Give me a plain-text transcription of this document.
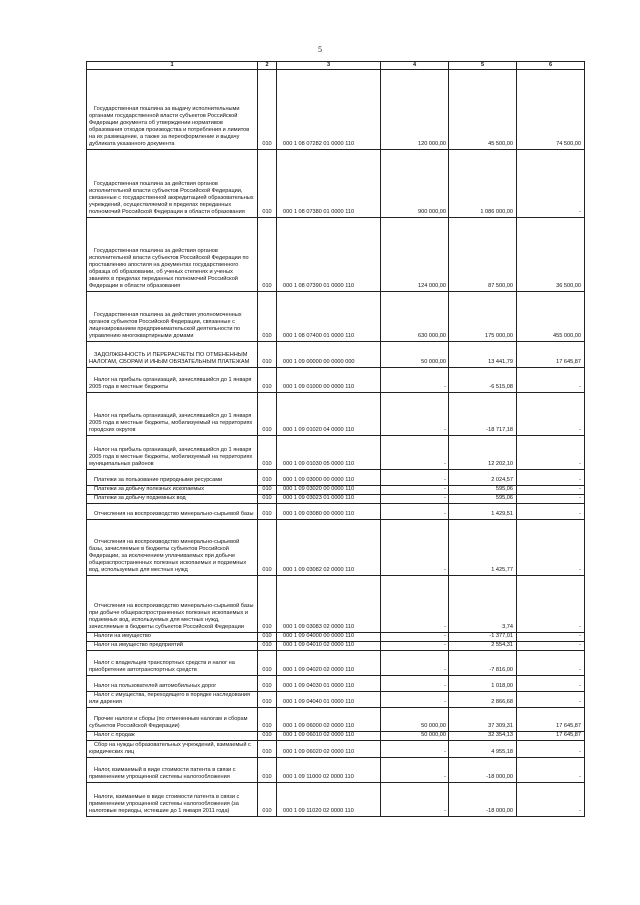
5
1	2	3	4	5	6
Государственная пошлина за выдачу исполнительными органами государственной власти субъектов Российской Федерации документа об утверждении нормативов образования отходов производства и потребления и лимитов на их размещение, а также за переоформление и выдачу дубликата указанного документа	010	000 1 08 07282 01 0000 110	120 000,00	45 500,00	74 500,00
Государственная пошлина за действия органов исполнительной власти субъектов Российской Федерации, связанные с государственной аккредитацией образовательных учреждений, осуществляемой в пределах переданных полномочий Российской Федерации в области образования	010	000 1 08 07380 01 0000 110	900 000,00	1 086 000,00	-
Государственная пошлина за действия органов исполнительной власти субъектов Российской Федерации по проставлению апостиля на документах государственного образца об образовании, об ученых степенях и ученых званиях в пределах переданных полномочий Российской Федерации в области образования	010	000 1 08 07390 01 0000 110	124 000,00	87 500,00	36 500,00
Государственная пошлина за действия уполномоченных органов субъектов Российской Федерации, связанные с лицензированием предпринимательской деятельности по управлению многоквартирными домами	010	000 1 08 07400 01 0000 110	630 000,00	175 000,00	455 000,00
ЗАДОЛЖЕННОСТЬ И ПЕРЕРАСЧЕТЫ ПО ОТМЕНЕННЫМ НАЛОГАМ, СБОРАМ И ИНЫМ ОБЯЗАТЕЛЬНЫМ ПЛАТЕЖАМ	010	000 1 09 00000 00 0000 000	50 000,00	13 441,79	17 645,87
Налог на прибыль организаций, зачислявшийся до 1 января 2005 года в местные бюджеты	010	000 1 09 01000 00 0000 110	-	-6 515,08	-
Налог на прибыль организаций, зачислявшийся до 1 января 2005 года в местные бюджеты, мобилизуемый на территориях городских округов	010	000 1 09 01020 04 0000 110	-	-18 717,18	-
Налог на прибыль организаций, зачислявшийся до 1 января 2005 года в местные бюджеты, мобилизуемый на территориях муниципальных районов	010	000 1 09 01030 05 0000 110	-	12 202,10	-
Платежи за пользование природными ресурсами	010	000 1 09 03000 00 0000 110	-	2 024,57	-
Платежи за добычу полезных ископаемых	010	000 1 09 03020 00 0000 110	-	595,06	-
Платежи за добычу подземных вод	010	000 1 09 03023 01 0000 110	-	595,06	-
Отчисления на воспроизводство минерально-сырьевой базы	010	000 1 09 03080 00 0000 110	-	1 429,51	-
Отчисления на воспроизводство минерально-сырьевой базы, зачисляемые в бюджеты субъектов Российской Федерации, за исключением уплачиваемых при добыче общераспространенных полезных ископаемых и подземных вод, используемых для местных нужд	010	000 1 09 03082 02 0000 110	-	1 425,77	-
Отчисления на воспроизводство минерально-сырьевой базы при добыче общераспространенных полезных ископаемых и подземных вод, используемых для местных нужд, зачисляемые в бюджеты субъектов Российской Федерации	010	000 1 09 03083 02 0000 110	-	3,74	-
Налоги на имущество	010	000 1 09 04000 00 0000 110	-	-1 377,01	-
Налог на имущество предприятий	010	000 1 09 04010 02 0000 110	-	2 554,31	-
Налог с владельцев транспортных средств и налог на приобретение автотранспортных средств	010	000 1 09 04020 02 0000 110	-	-7 816,00	-
Налог на пользователей автомобильных дорог	010	000 1 09 04030 01 0000 110	-	1 018,00	-
Налог с имущества, переходящего в порядке наследования или дарения	010	000 1 09 04040 01 0000 110	-	2 866,68	-
Прочие налоги и сборы (по отмененным налогам и сборам субъектов Российской Федерации)	010	000 1 09 06000 02 0000 110	50 000,00	37 309,31	17 645,87
Налог с продаж	010	000 1 09 06010 02 0000 110	50 000,00	32 354,13	17 645,87
Сбор на нужды образовательных учреждений, взимаемый с юридических лиц	010	000 1 09 06020 02 0000 110	-	4 955,18	-
Налог, взимаемый в виде стоимости патента в связи с применением упрощенной системы налогообложения	010	000 1 09 11000 02 0000 110	-	-18 000,00	-
Налоги, взимаемые в виде стоимости патента в связи с применением упрощенной системы налогообложения (за налоговые периоды, истекшие до 1 января 2011 года)	010	000 1 09 11020 02 0000 110	-	-18 000,00	-
